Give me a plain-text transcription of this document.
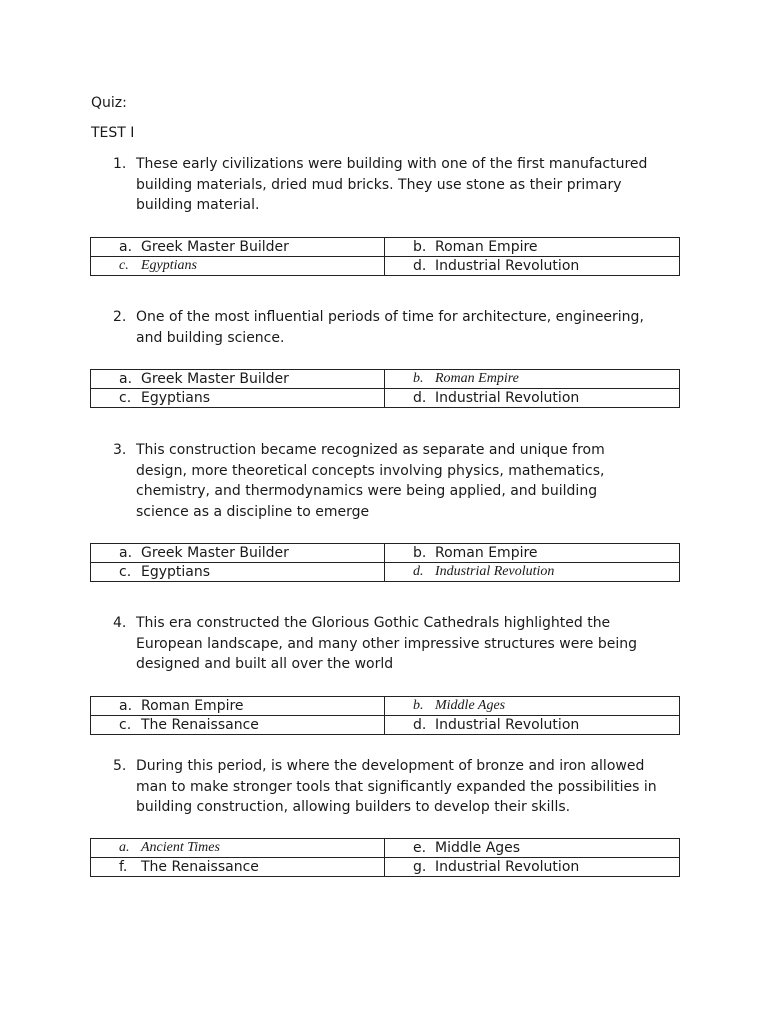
Quiz:

TEST I

1. These early civilizations were building with one of the first manufactured
building materials, dried mud bricks. They use stone as their primary
building material.
a. Greek Master Builder	b. Roman Empire
c. Egyptians	d. Industrial Revolution
2. One of the most influential periods of time for architecture, engineering,
and building science.
a. Greek Master Builder	b. Roman Empire
c. Egyptians	d. Industrial Revolution
3. This construction became recognized as separate and unique from
design, more theoretical concepts involving physics, mathematics,
chemistry, and thermodynamics were being applied, and building
science as a discipline to emerge
a. Greek Master Builder	b. Roman Empire
c. Egyptians	d. Industrial Revolution
4. This era constructed the Glorious Gothic Cathedrals highlighted the
European landscape, and many other impressive structures were being
designed and built all over the world
a. Roman Empire	b. Middle Ages
c. The Renaissance	d. Industrial Revolution
5. During this period, is where the development of bronze and iron allowed
man to make stronger tools that significantly expanded the possibilities in
building construction, allowing builders to develop their skills.
a. Ancient Times	e. Middle Ages
f. The Renaissance	g. Industrial Revolution
